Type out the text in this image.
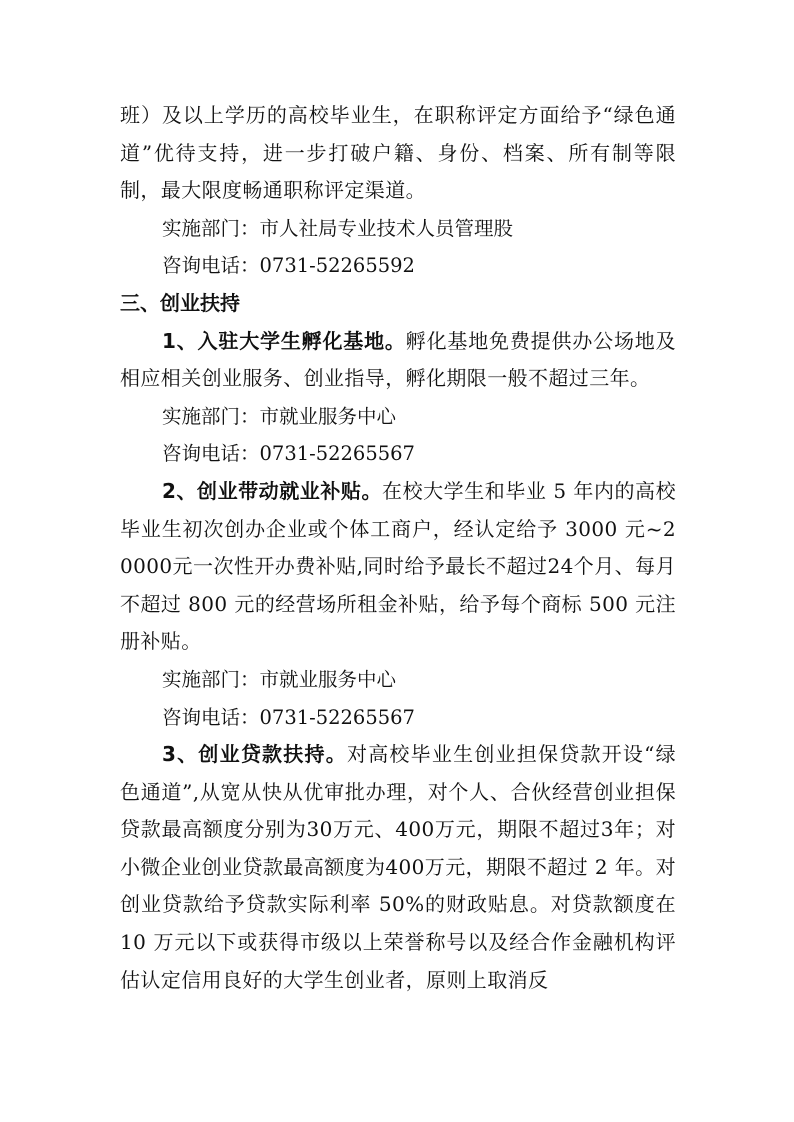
班）及以上学历的高校毕业生，在职称评定方面给予“绿色通道”优待支持，进一步打破户籍、身份、档案、所有制等限制，最大限度畅通职称评定渠道。

实施部门：市人社局专业技术人员管理股

咨询电话：0731-52265592

三、创业扶持

1、入驻大学生孵化基地。孵化基地免费提供办公场地及相应相关创业服务、创业指导，孵化期限一般不超过三年。

实施部门：市就业服务中心

咨询电话：0731-52265567

2、创业带动就业补贴。在校大学生和毕业 5 年内的高校毕业生初次创办企业或个体工商户，经认定给予 3000 元~20000元一次性开办费补贴,同时给予最长不超过24个月、每月不超过 800 元的经营场所租金补贴，给予每个商标 500 元注册补贴。

实施部门：市就业服务中心

咨询电话：0731-52265567

3、创业贷款扶持。对高校毕业生创业担保贷款开设“绿色通道”,从宽从快从优审批办理，对个人、合伙经营创业担保贷款最高额度分别为30万元、400万元，期限不超过3年；对小微企业创业贷款最高额度为400万元，期限不超过 2 年。对创业贷款给予贷款实际利率 50%的财政贴息。对贷款额度在 10 万元以下或获得市级以上荣誉称号以及经合作金融机构评估认定信用良好的大学生创业者，原则上取消反
